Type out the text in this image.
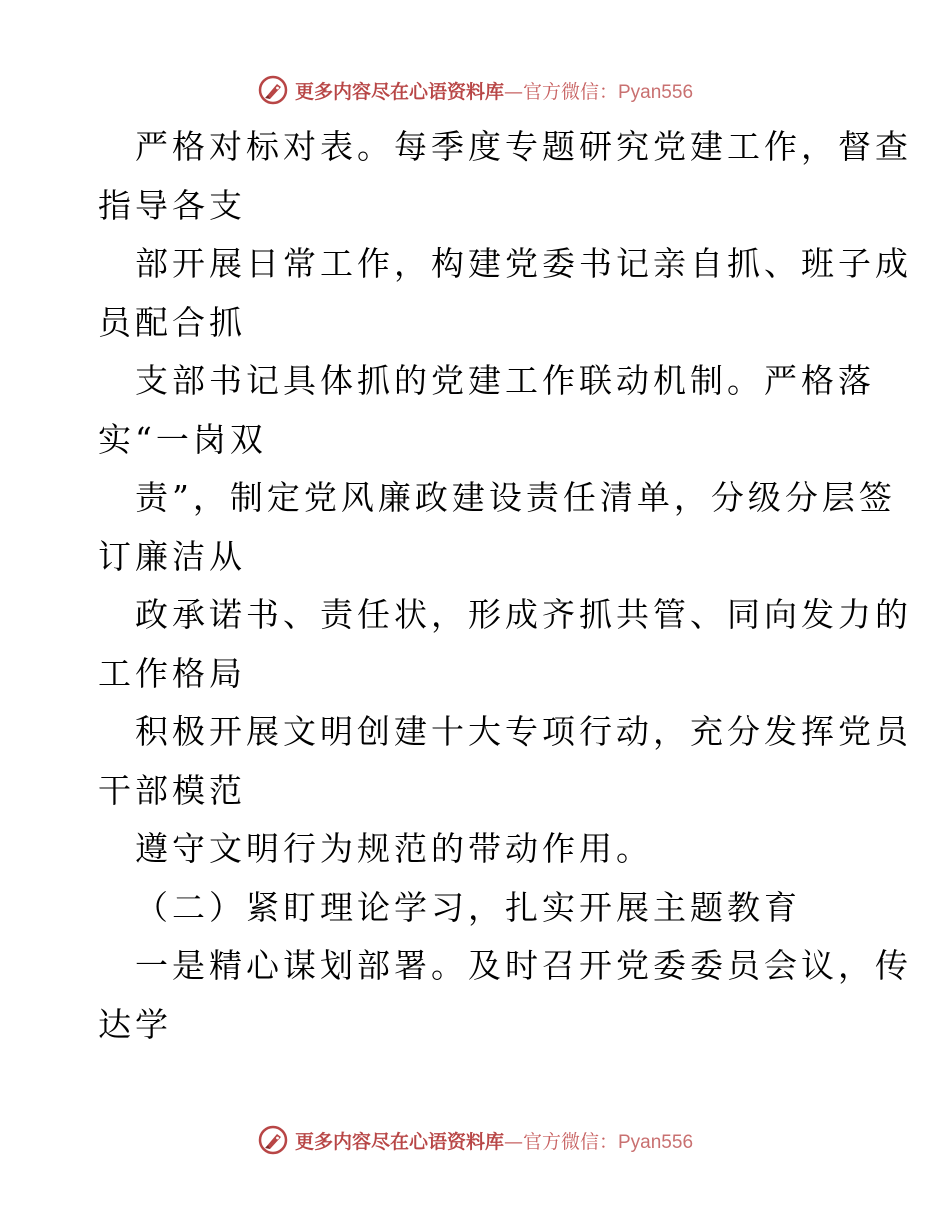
更多内容尽在心语资料库—官方微信：Pyan556
严格对标对表。每季度专题研究党建工作，督查
指导各支
部开展日常工作，构建党委书记亲自抓、班子成
员配合抓
支部书记具体抓的党建工作联动机制。严格落
实“一岗双
责”，制定党风廉政建设责任清单，分级分层签
订廉洁从
政承诺书、责任状，形成齐抓共管、同向发力的
工作格局
积极开展文明创建十大专项行动，充分发挥党员
干部模范
遵守文明行为规范的带动作用。
（二）紧盯理论学习，扎实开展主题教育
一是精心谋划部署。及时召开党委委员会议，传
达学
更多内容尽在心语资料库—官方微信：Pyan556
